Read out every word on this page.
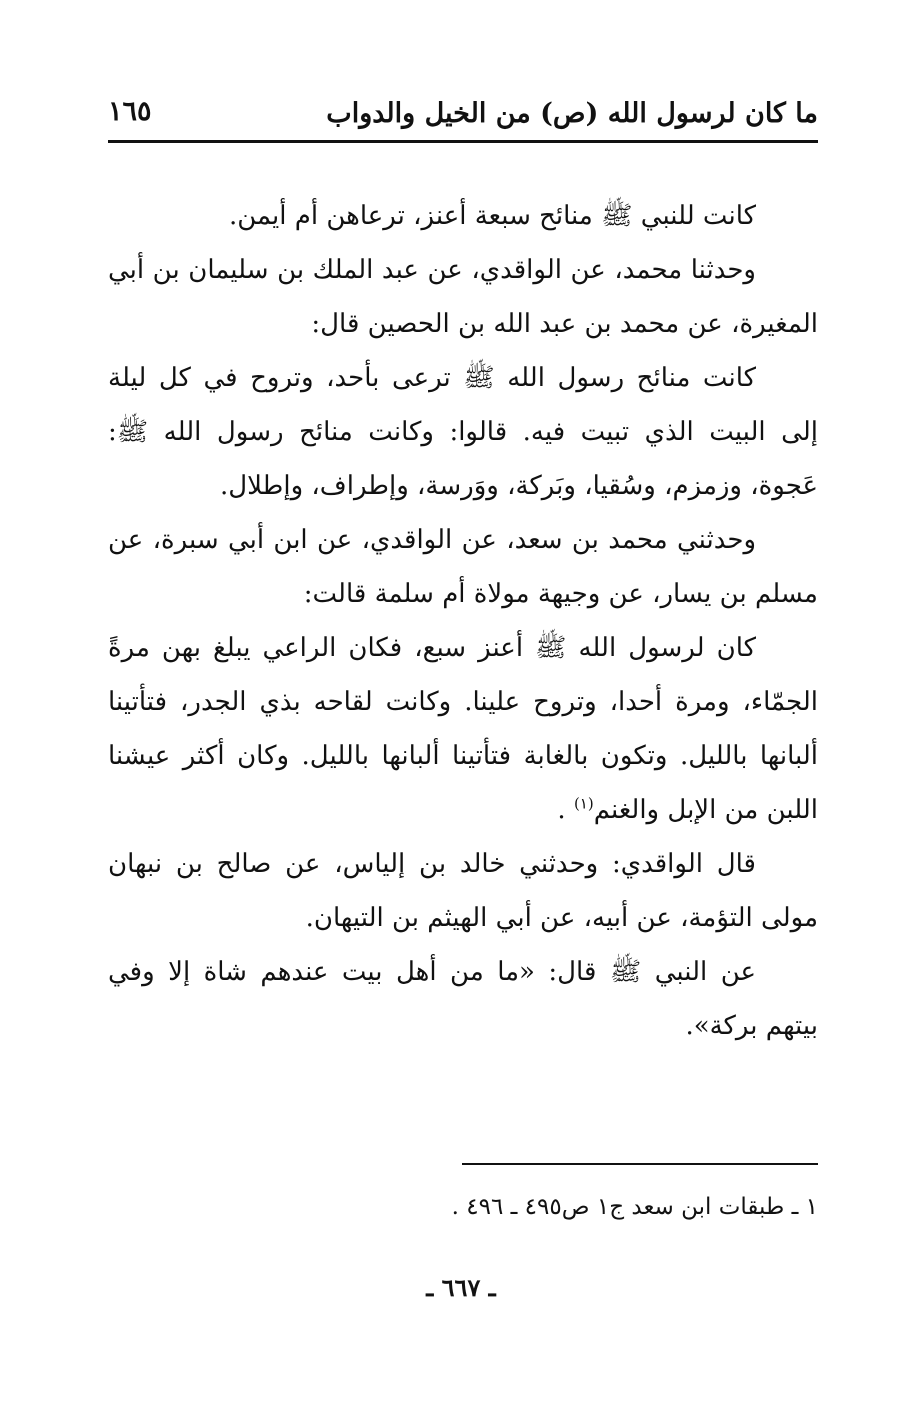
ما كان لرسول الله (ص) من الخيل والدواب
١٦٥

كانت للنبي ﷺ منائح سبعة أعنز، ترعاهن أم أيمن.

وحدثنا محمد، عن الواقدي، عن عبد الملك بن سليمان بن أبي المغيرة، عن محمد بن عبد الله بن الحصين قال:

كانت منائح رسول الله ﷺ ترعى بأحد، وتروح في كل ليلة إلى البيت الذي تبيت فيه. قالوا: وكانت منائح رسول الله ﷺ: عَجوة، وزمزم، وسُقيا، وبَركة، ووَرسة، وإطراف، وإطلال.

وحدثني محمد بن سعد، عن الواقدي، عن ابن أبي سبرة، عن مسلم بن يسار، عن وجيهة مولاة أم سلمة قالت:

كان لرسول الله ﷺ أعنز سبع، فكان الراعي يبلغ بهن مرةً الجمّاء، ومرة أحدا، وتروح علينا. وكانت لقاحه بذي الجدر، فتأتينا ألبانها بالليل. وتكون بالغابة فتأتينا ألبانها بالليل. وكان أكثر عيشنا اللبن من الإبل والغنم$^{(١)}$ .

قال الواقدي: وحدثني خالد بن إلياس، عن صالح بن نبهان مولى التؤمة، عن أبيه، عن أبي الهيثم بن التيهان.

عن النبي ﷺ قال: «ما من أهل بيت عندهم شاة إلا وفي بيتهم بركة».

١ ـ طبقات ابن سعد ج١ ص٤٩٥ ـ ٤٩٦ .
ـ ٦٦٧ ـ
